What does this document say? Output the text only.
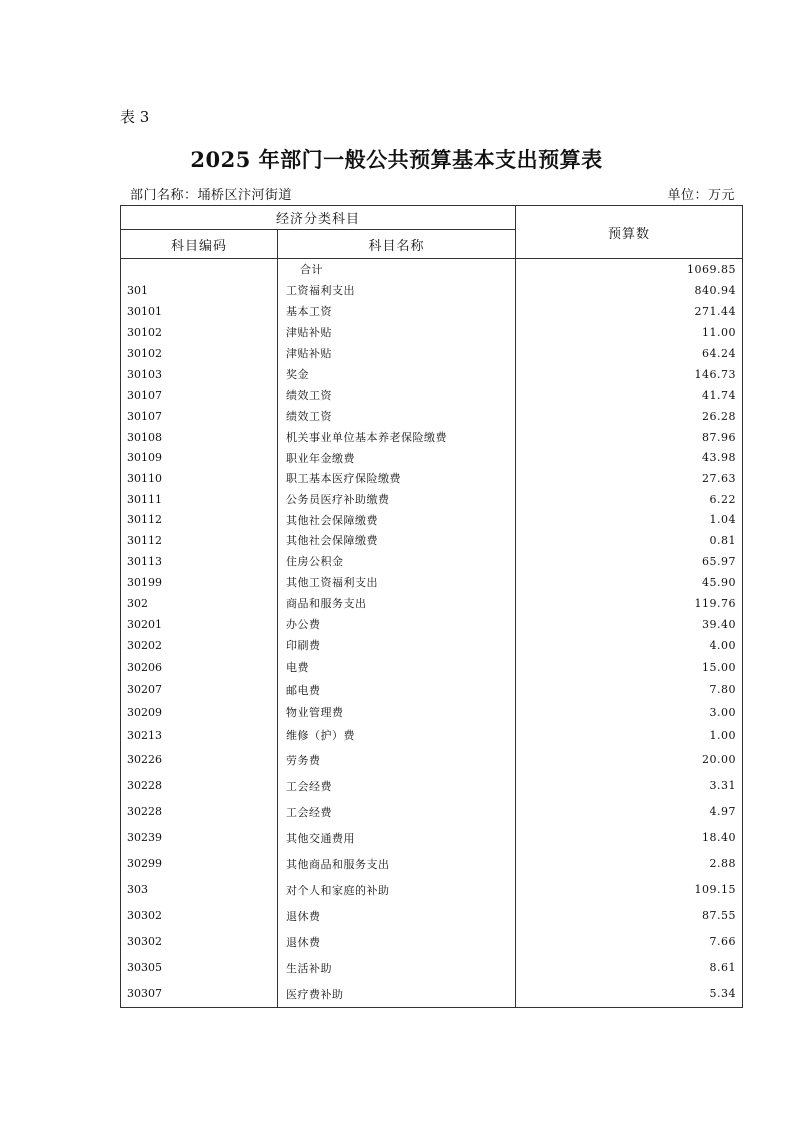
表 3
2025 年部门一般公共预算基本支出预算表
部门名称：埇桥区汴河街道	单位：万元
经济分类科目		预算数
科目编码	科目名称	
	合计	1069.85
301	工资福利支出	840.94
30101	基本工资	271.44
30102	津贴补贴	11.00
30102	津贴补贴	64.24
30103	奖金	146.73
30107	绩效工资	41.74
30107	绩效工资	26.28
30108	机关事业单位基本养老保险缴费	87.96
30109	职业年金缴费	43.98
30110	职工基本医疗保险缴费	27.63
30111	公务员医疗补助缴费	6.22
30112	其他社会保障缴费	1.04
30112	其他社会保障缴费	0.81
30113	住房公积金	65.97
30199	其他工资福利支出	45.90
302	商品和服务支出	119.76
30201	办公费	39.40
30202	印刷费	4.00
30206	电费	15.00
30207	邮电费	7.80
30209	物业管理费	3.00
30213	维修（护）费	1.00
30226	劳务费	20.00
30228	工会经费	3.31
30228	工会经费	4.97
30239	其他交通费用	18.40
30299	其他商品和服务支出	2.88
303	对个人和家庭的补助	109.15
30302	退休费	87.55
30302	退休费	7.66
30305	生活补助	8.61
30307	医疗费补助	5.34
